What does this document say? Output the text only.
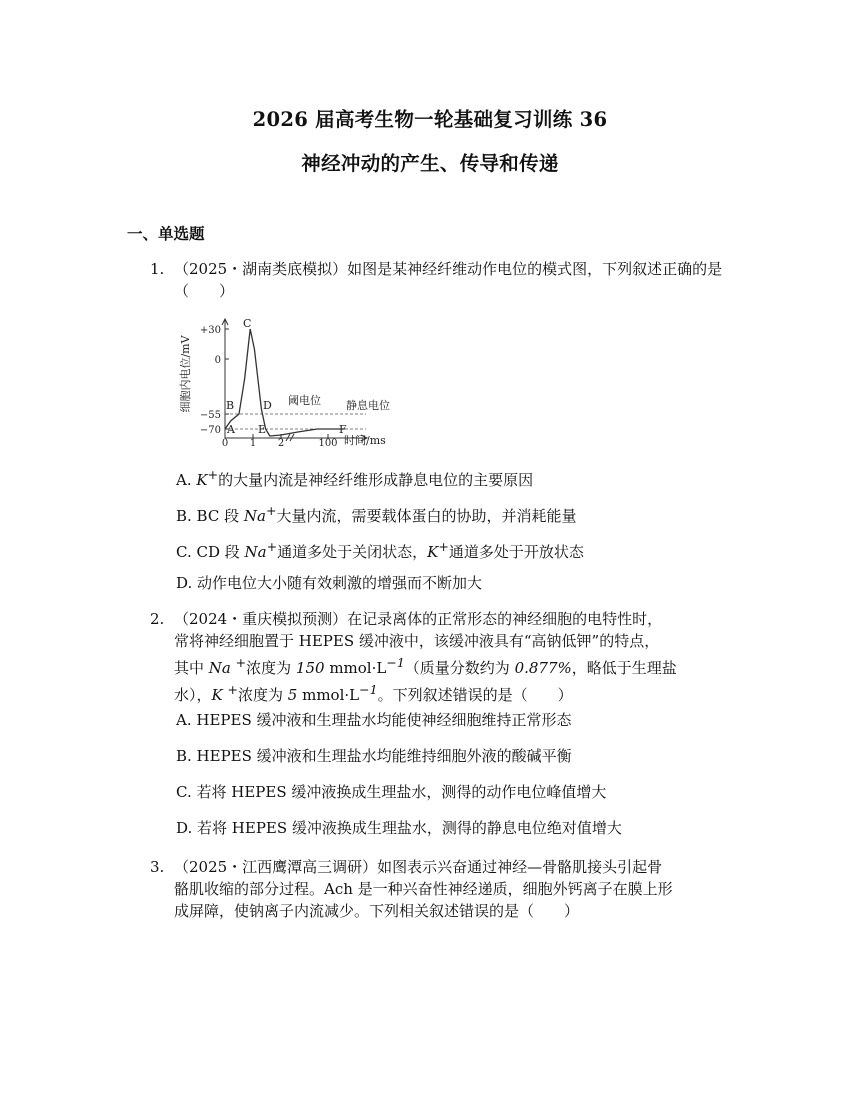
2026 届高考生物一轮基础复习训练 36
神经冲动的产生、传导和传递
一、单选题
1. （2025・湖南类底模拟）如图是某神经纤维动作电位的模式图，下列叙述正确的是（　　）
细胞内电位/mV
+30
0
−55
−70
0 1 2	100
A
B
C
D
E	F
阈电位 静息电位
时间/ms
A. K+的大量内流是神经纤维形成静息电位的主要原因
B. BC 段 Na+大量内流，需要载体蛋白的协助，并消耗能量
C. CD 段 Na+通道多处于关闭状态，K+通道多处于开放状态
D. 动作电位大小随有效刺激的增强而不断加大
2. （2024・重庆模拟预测）在记录离体的正常形态的神经细胞的电特性时，
常将神经细胞置于 HEPES 缓冲液中，该缓冲液具有“高钠低钾”的特点，
其中 Na +浓度为 150 $mmol\cdot L^{-1}$（质量分数约为 0.877%，略低于生理盐
水），K +浓度为 5 $mmol\cdot L^{-1}$。下列叙述错误的是（　　）
A. HEPES 缓冲液和生理盐水均能使神经细胞维持正常形态
B. HEPES 缓冲液和生理盐水均能维持细胞外液的酸碱平衡
C. 若将 HEPES 缓冲液换成生理盐水，测得的动作电位峰值增大
D. 若将 HEPES 缓冲液换成生理盐水，测得的静息电位绝对值增大
3. （2025・江西鹰潭高三调研）如图表示兴奋通过神经—骨骼肌接头引起骨
骼肌收缩的部分过程。Ach 是一种兴奋性神经递质，细胞外钙离子在膜上形
成屏障，使钠离子内流减少。下列相关叙述错误的是（　　）
